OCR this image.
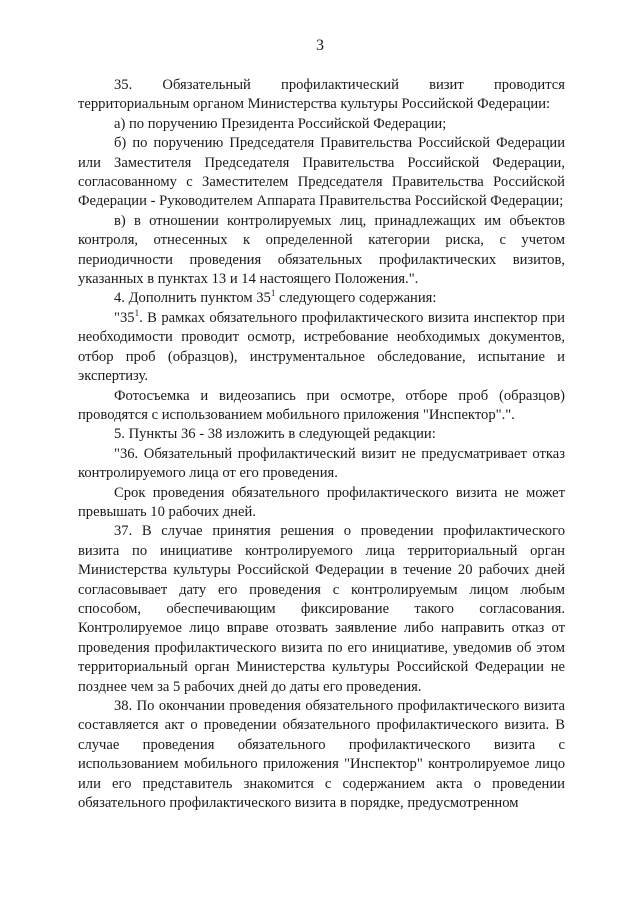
3

35. Обязательный профилактический визит проводится территориальным органом Министерства культуры Российской Федерации:

а) по поручению Президента Российской Федерации;

б) по поручению Председателя Правительства Российской Федерации или Заместителя Председателя Правительства Российской Федерации, согласованному с Заместителем Председателя Правительства Российской Федерации - Руководителем Аппарата Правительства Российской Федерации;

в) в отношении контролируемых лиц, принадлежащих им объектов контроля, отнесенных к определенной категории риска, с учетом периодичности проведения обязательных профилактических визитов, указанных в пунктах 13 и 14 настоящего Положения.".

4. Дополнить пунктом $35^1$ следующего содержания:

"$35^1$. В рамках обязательного профилактического визита инспектор при необходимости проводит осмотр, истребование необходимых документов, отбор проб (образцов), инструментальное обследование, испытание и экспертизу.

Фотосъемка и видеозапись при осмотре, отборе проб (образцов) проводятся с использованием мобильного приложения "Инспектор".".

5. Пункты 36 - 38 изложить в следующей редакции:

"36. Обязательный профилактический визит не предусматривает отказ контролируемого лица от его проведения.

Срок проведения обязательного профилактического визита не может превышать 10 рабочих дней.

37. В случае принятия решения о проведении профилактического визита по инициативе контролируемого лица территориальный орган Министерства культуры Российской Федерации в течение 20 рабочих дней согласовывает дату его проведения с контролируемым лицом любым способом, обеспечивающим фиксирование такого согласования. Контролируемое лицо вправе отозвать заявление либо направить отказ от проведения профилактического визита по его инициативе, уведомив об этом территориальный орган Министерства культуры Российской Федерации не позднее чем за 5 рабочих дней до даты его проведения.

38. По окончании проведения обязательного профилактического визита составляется акт о проведении обязательного профилактического визита. В случае проведения обязательного профилактического визита с использованием мобильного приложения "Инспектор" контролируемое лицо или его представитель знакомится с содержанием акта о проведении обязательного профилактического визита в порядке, предусмотренном
